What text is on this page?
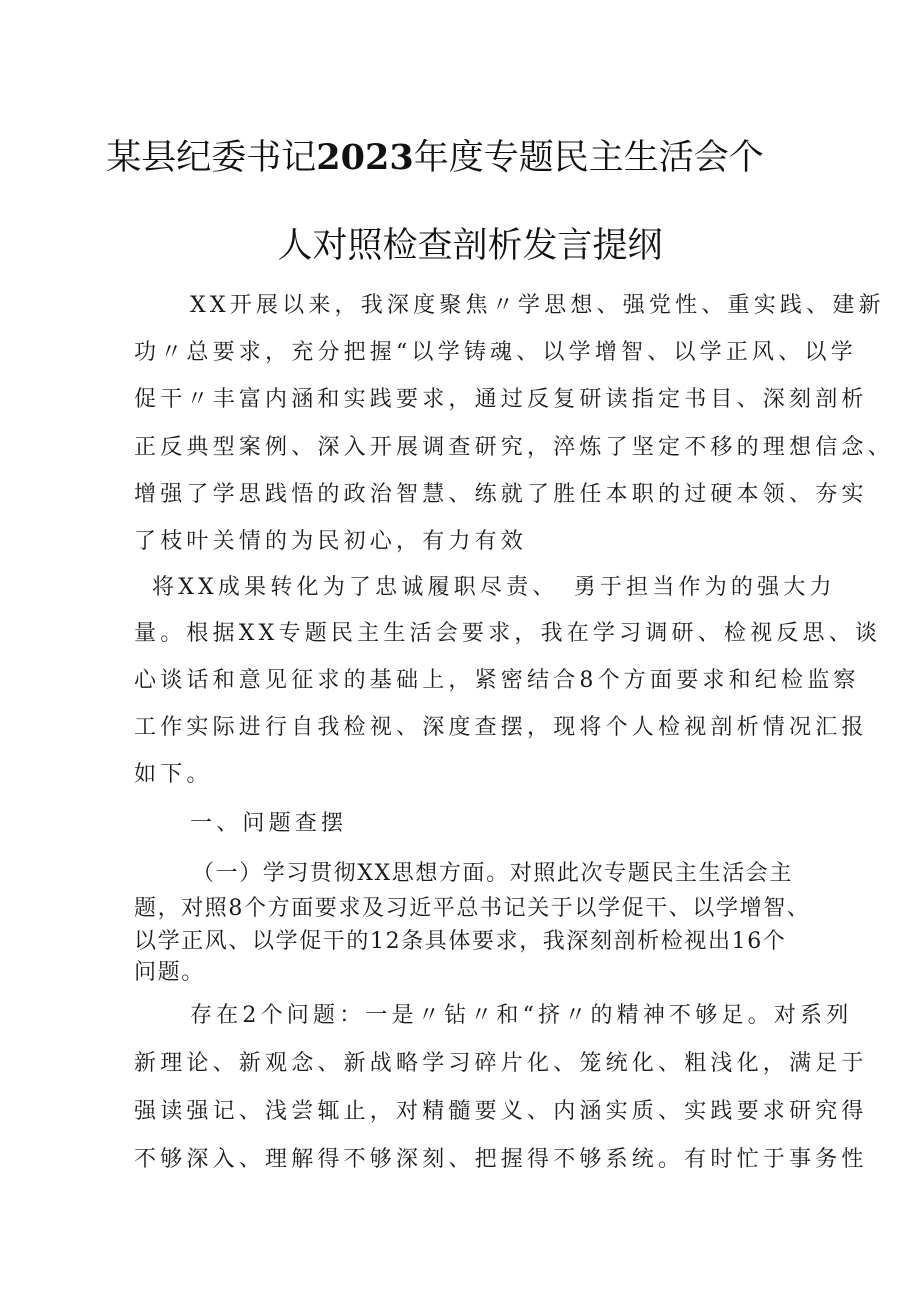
某县纪委书记2023年度专题民主生活会个
人对照检查剖析发言提纲
XX开展以来，我深度聚焦〃学思想、强党性、重实践、建新
功〃总要求，充分把握“以学铸魂、以学增智、以学正风、以学
促干〃丰富内涵和实践要求，通过反复研读指定书目、深刻剖析
正反典型案例、深入开展调查研究，淬炼了坚定不移的理想信念、
增强了学思践悟的政治智慧、练就了胜任本职的过硬本领、夯实
了枝叶关情的为民初心，有力有效
将XX成果转化为了忠诚履职尽责、　勇于担当作为的强大力
量。根据XX专题民主生活会要求，我在学习调研、检视反思、谈
心谈话和意见征求的基础上，紧密结合8个方面要求和纪检监察
工作实际进行自我检视、深度查摆，现将个人检视剖析情况汇报
如下。
一、问题查摆
（一）学习贯彻XX思想方面。对照此次专题民主生活会主
题，对照8个方面要求及习近平总书记关于以学促干、以学增智、
以学正风、以学促干的12条具体要求，我深刻剖析检视出16个
问题。
存在2个问题：一是〃钻〃和“挤〃的精神不够足。对系列
新理论、新观念、新战略学习碎片化、笼统化、粗浅化，满足于
强读强记、浅尝辄止，对精髓要义、内涵实质、实践要求研究得
不够深入、理解得不够深刻、把握得不够系统。有时忙于事务性
